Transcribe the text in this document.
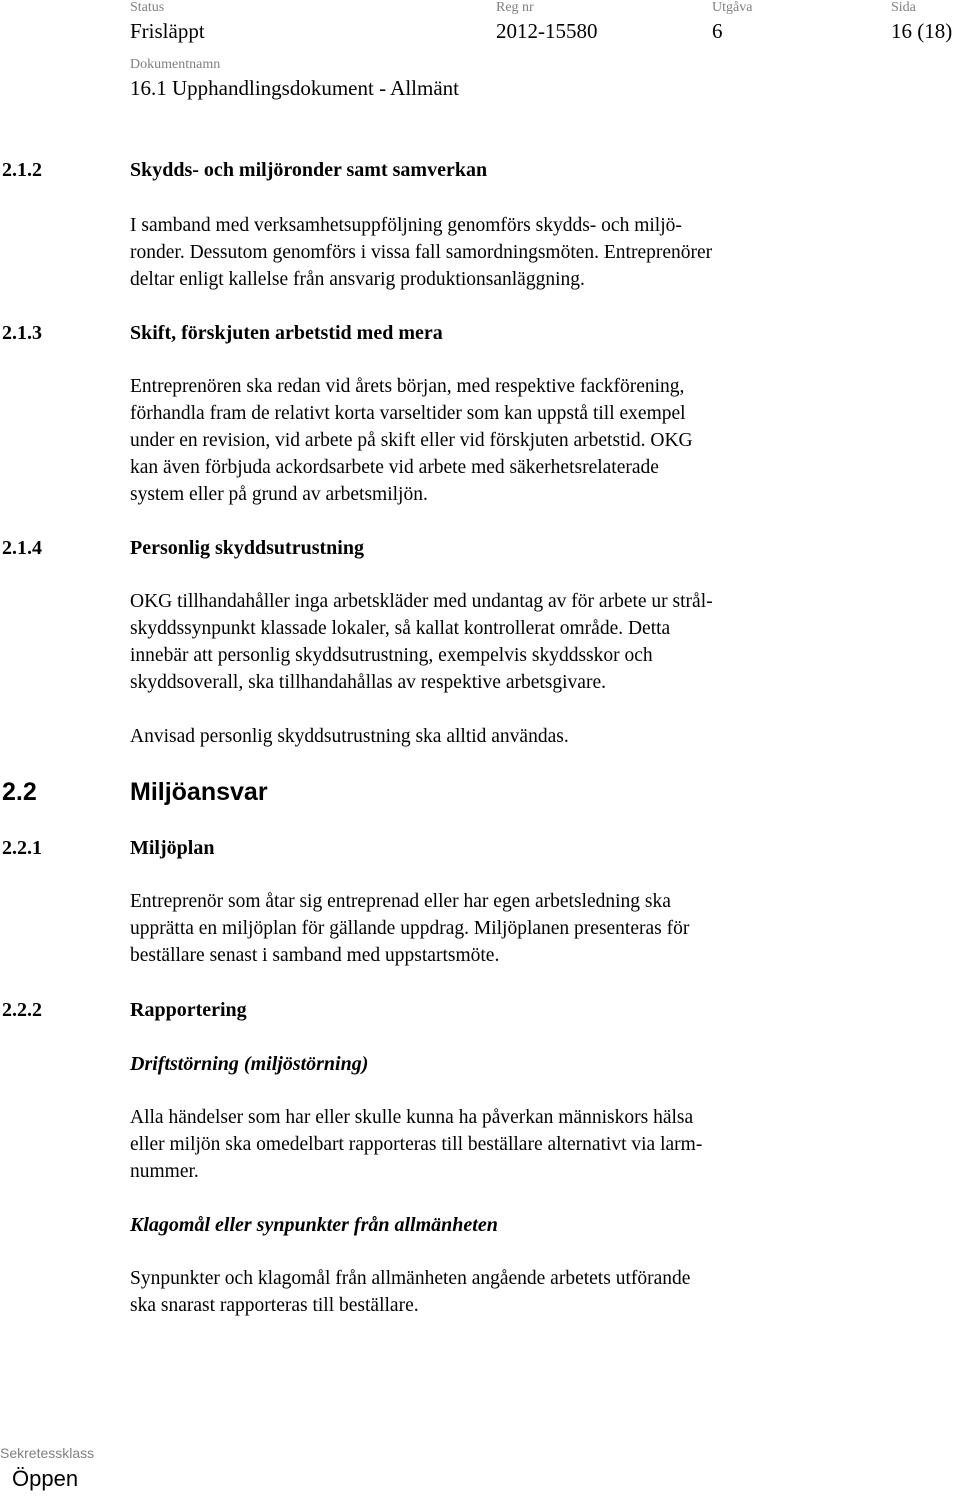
Status
Frisläppt
Reg nr
2012-15580
Utgåva
6
Sida
16 (18)
Dokumentnamn
16.1 Upphandlingsdokument - Allmänt
2.1.2	Skydds- och miljöronder samt samverkan
I samband med verksamhetsuppföljning genomförs skydds- och miljö-
ronder. Dessutom genomförs i vissa fall samordningsmöten. Entreprenörer
deltar enligt kallelse från ansvarig produktionsanläggning.
2.1.3	Skift, förskjuten arbetstid med mera
Entreprenören ska redan vid årets början, med respektive fackförening,
förhandla fram de relativt korta varseltider som kan uppstå till exempel
under en revision, vid arbete på skift eller vid förskjuten arbetstid. OKG
kan även förbjuda ackordsarbete vid arbete med säkerhetsrelaterade
system eller på grund av arbetsmiljön.
2.1.4	Personlig skyddsutrustning
OKG tillhandahåller inga arbetskläder med undantag av för arbete ur strål-
skyddssynpunkt klassade lokaler, så kallat kontrollerat område. Detta
innebär att personlig skyddsutrustning, exempelvis skyddsskor och
skyddsoverall, ska tillhandahållas av respektive arbetsgivare.
Anvisad personlig skyddsutrustning ska alltid användas.
2.2	Miljöansvar
2.2.1	Miljöplan
Entreprenör som åtar sig entreprenad eller har egen arbetsledning ska
upprätta en miljöplan för gällande uppdrag. Miljöplanen presenteras för
beställare senast i samband med uppstartsmöte.
2.2.2	Rapportering
Driftstörning (miljöstörning)
Alla händelser som har eller skulle kunna ha påverkan människors hälsa
eller miljön ska omedelbart rapporteras till beställare alternativt via larm-
nummer.
Klagomål eller synpunkter från allmänheten
Synpunkter och klagomål från allmänheten angående arbetets utförande
ska snarast rapporteras till beställare.
Sekretessklass
Öppen
